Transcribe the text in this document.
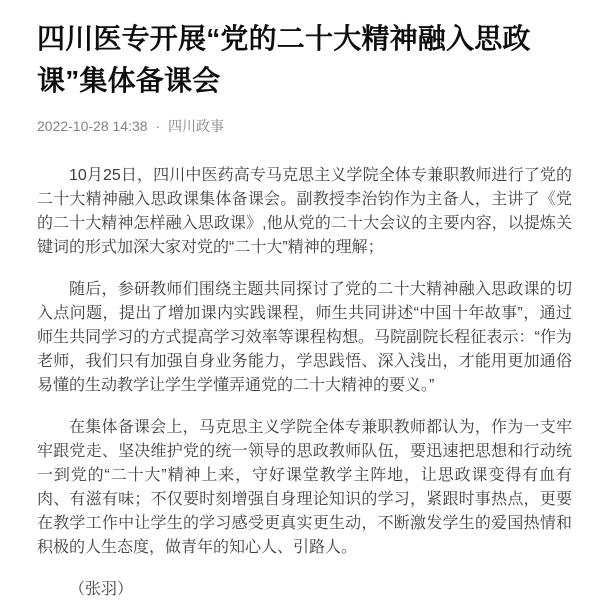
四川医专开展“党的二十大精神融入思政课”集体备课会
2022-10-28 14:38 · 四川政事

10月25日，四川中医药高专马克思主义学院全体专兼职教师进行了党的二十大精神融入思政课集体备课会。副教授李治钧作为主备人，主讲了《党的二十大精神怎样融入思政课》,他从党的二十大会议的主要内容，以提炼关键词的形式加深大家对党的“二十大”精神的理解；

随后，参研教师们围绕主题共同探讨了党的二十大精神融入思政课的切入点问题，提出了增加课内实践课程，师生共同讲述“中国十年故事”，通过师生共同学习的方式提高学习效率等课程构想。马院副院长程征表示：“作为老师，我们只有加强自身业务能力，学思践悟、深入浅出，才能用更加通俗易懂的生动教学让学生学懂弄通党的二十大精神的要义。”

在集体备课会上，马克思主义学院全体专兼职教师都认为，作为一支牢牢跟党走、坚决维护党的统一领导的思政教师队伍，要迅速把思想和行动统一到党的“二十大”精神上来，守好课堂教学主阵地，让思政课变得有血有肉、有滋有味；不仅要时刻增强自身理论知识的学习，紧跟时事热点，更要在教学工作中让学生的学习感受更真实更生动，不断激发学生的爱国热情和积极的人生态度，做青年的知心人、引路人。

（张羽）
